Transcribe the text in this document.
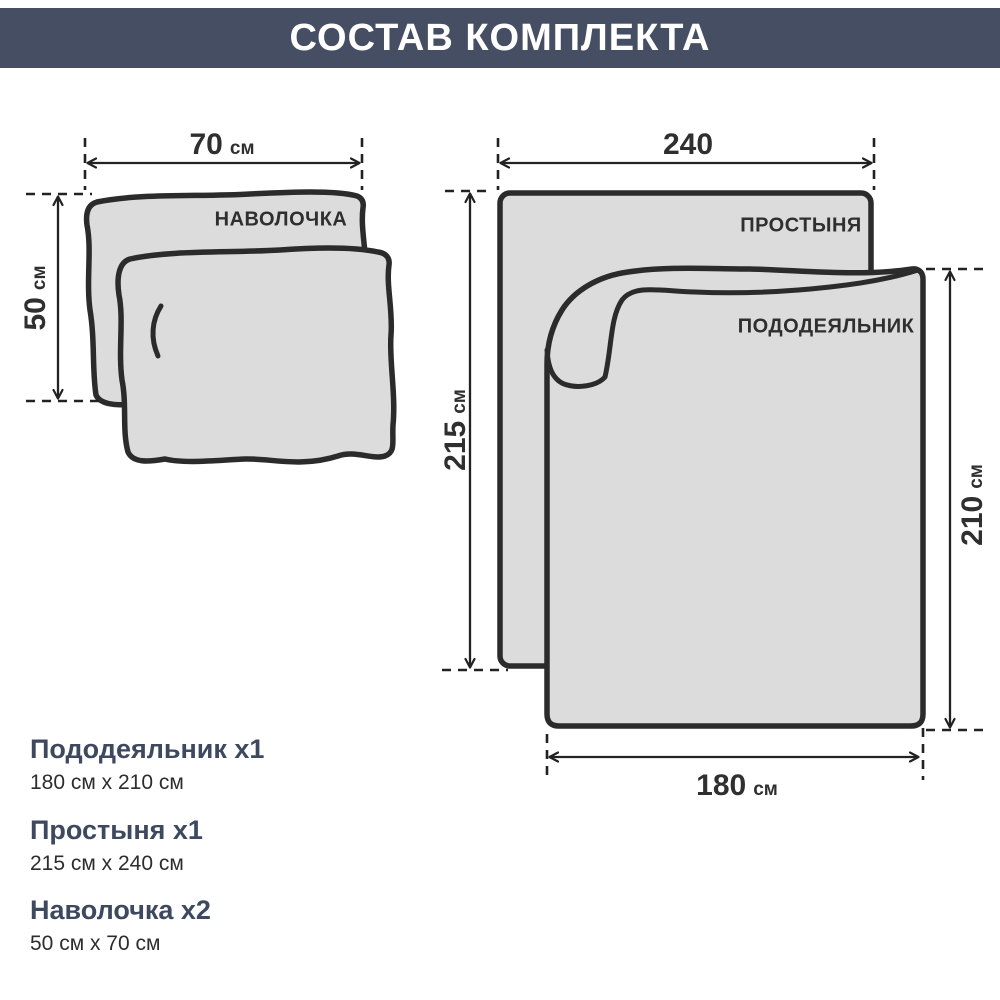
СОСТАВ КОМПЛЕКТА
70 см
50
см
НАВОЛОЧКА
240
215
см
ПРОСТЫНЯ
ПОДОДЕЯЛЬНИК
210
см
180 см
Пододеяльник x1
180 см x 210 см
Простыня x1
215 см x 240 см
Наволочка x2
50 см x 70 см
